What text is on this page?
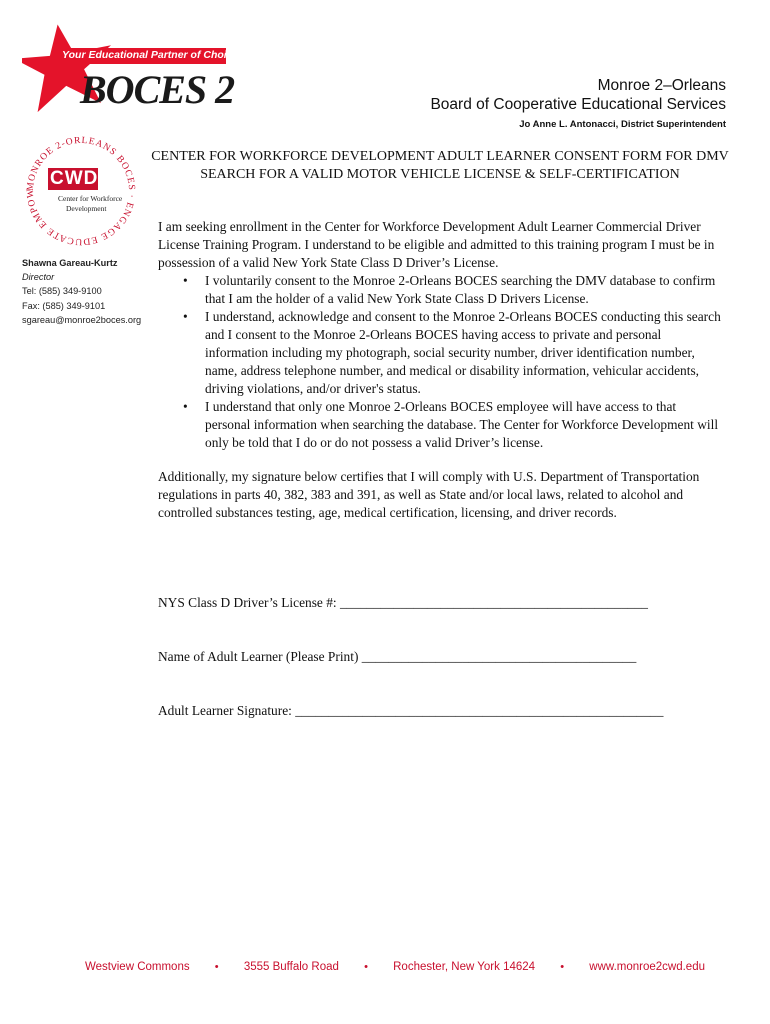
Your Educational Partner of Choice
BOCES 2	Monroe 2–Orleans
Board of Cooperative Educational Services
Jo Anne L. Antonacci, District Superintendent
MONROE 2-ORLEANS BOCES · ENGAGE EDUCATE EMPOW
CWD
Center for Workforce
Development
Shawna Gareau-Kurtz
Director
Tel: (585) 349-9100
Fax: (585) 349-9101
sgareau@monroe2boces.org
CENTER FOR WORKFORCE DEVELOPMENT ADULT LEARNER CONSENT FORM FOR DMV SEARCH FOR A VALID MOTOR VEHICLE LICENSE & SELF-CERTIFICATION

I am seeking enrollment in the Center for Workforce Development Adult Learner Commercial Driver License Training Program. I understand to be eligible and admitted to this training program I must be in possession of a valid New York State Class D Driver’s License.

• I voluntarily consent to the Monroe 2-Orleans BOCES searching the DMV database to confirm that I am the holder of a valid New York State Class D Drivers License.
• I understand, acknowledge and consent to the Monroe 2-Orleans BOCES conducting this search and I consent to the Monroe 2-Orleans BOCES having access to private and personal information including my photograph, social security number, driver identification number, name, address telephone number, and medical or disability information, vehicular accidents, driving violations, and/or driver's status.
• I understand that only one Monroe 2-Orleans BOCES employee will have access to that personal information when searching the database. The Center for Workforce Development will only be told that I do or do not possess a valid Driver’s license.

Additionally, my signature below certifies that I will comply with U.S. Department of Transportation regulations in parts 40, 382, 383 and 391, as well as State and/or local laws, related to alcohol and controlled substances testing, age, medical certification, licensing, and driver records.

NYS Class D Driver’s License #: ______________________________________________
Name of Adult Learner (Please Print) _________________________________________
Adult Learner Signature: _______________________________________________________
Westview Commons • 3555 Buffalo Road • Rochester, New York 14624 • www.monroe2cwd.edu
